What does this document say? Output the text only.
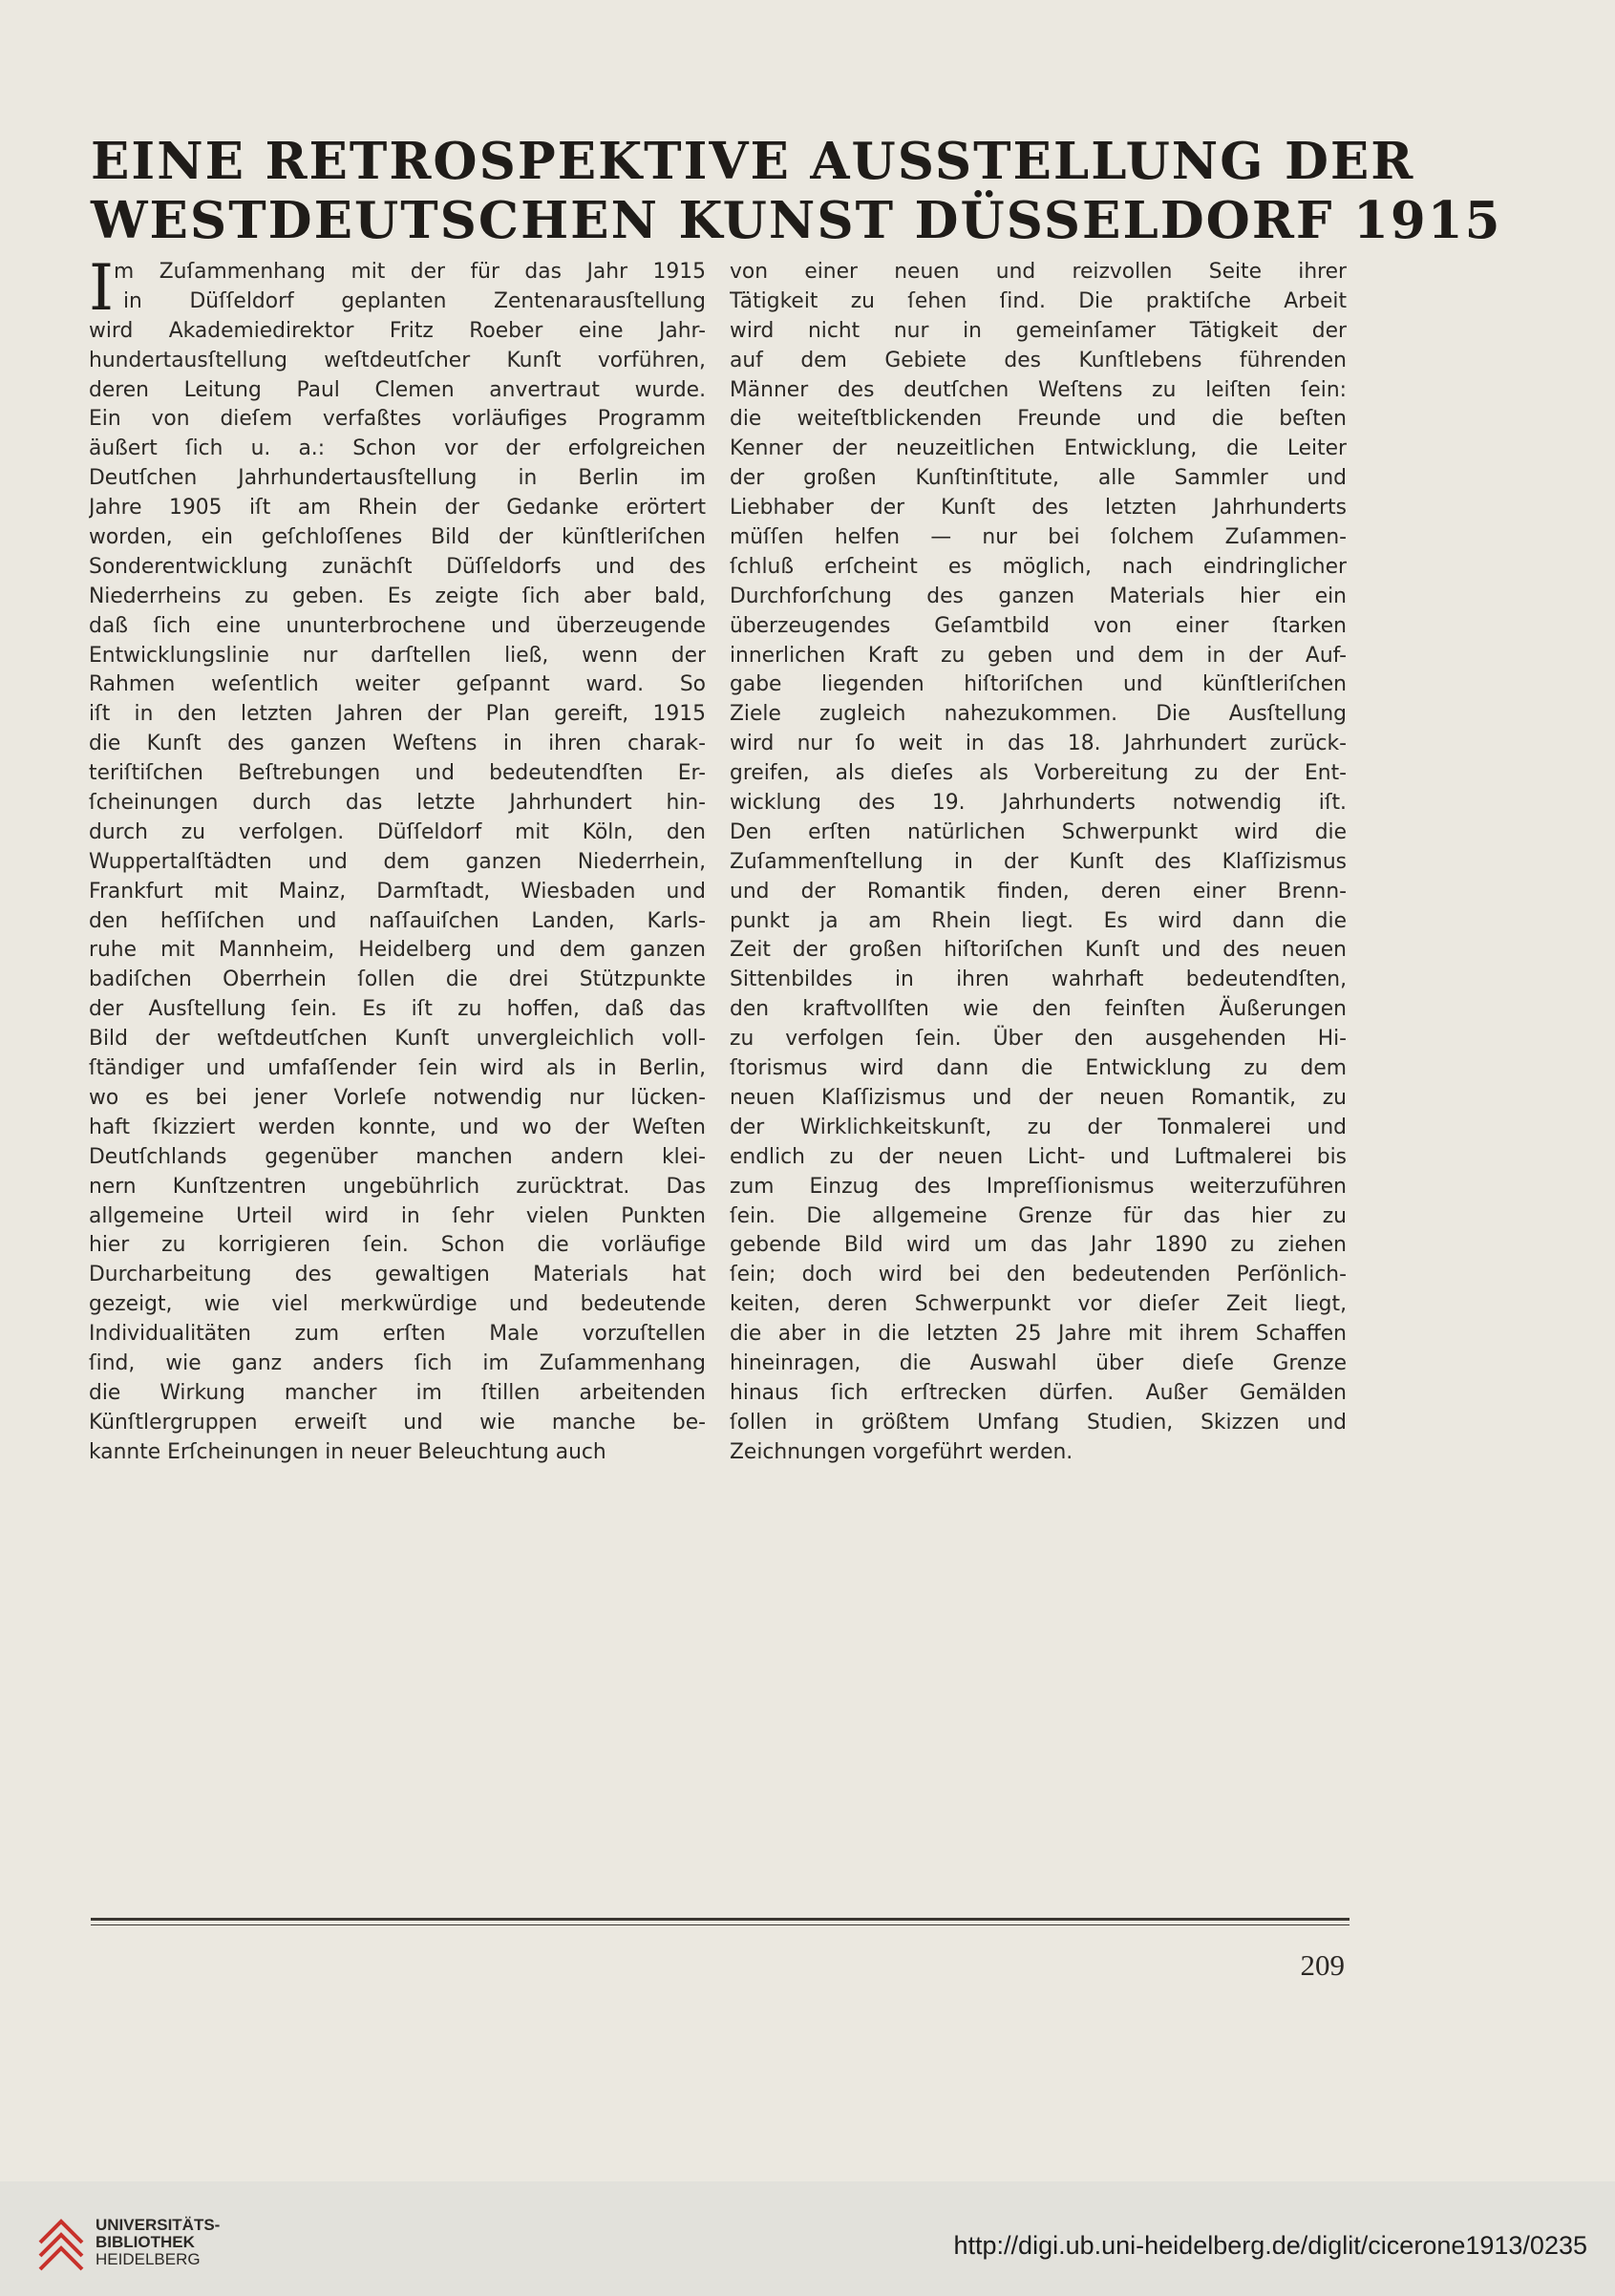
EINE RETROSPEKTIVE AUSSTELLUNG DER
WESTDEUTSCHEN KUNST DÜSSELDORF 1915
I m Zuſammenhang mit der für das Jahr 1915
in Düſſeldorf geplanten Zentenarausſtellung
wird Akademiedirektor Fritz Roeber eine Jahr-
hundertausſtellung weſtdeutſcher Kunſt vorführen,
deren Leitung Paul Clemen anvertraut wurde.
Ein von dieſem verfaßtes vorläufiges Programm
äußert ſich u. a.: Schon vor der erfolgreichen
Deutſchen Jahrhundertausſtellung in Berlin im
Jahre 1905 iſt am Rhein der Gedanke erörtert
worden, ein geſchloſſenes Bild der künſtleriſchen
Sonderentwicklung zunächſt Düſſeldorfs und des
Niederrheins zu geben. Es zeigte ſich aber bald,
daß ſich eine ununterbrochene und überzeugende
Entwicklungslinie nur darſtellen ließ, wenn der
Rahmen weſentlich weiter geſpannt ward. So
iſt in den letzten Jahren der Plan gereift, 1915
die Kunſt des ganzen Weſtens in ihren charak-
teriſtiſchen Beſtrebungen und bedeutendſten Er-
ſcheinungen durch das letzte Jahrhundert hin-
durch zu verfolgen. Düſſeldorf mit Köln, den
Wuppertalſtädten und dem ganzen Niederrhein,
Frankfurt mit Mainz, Darmſtadt, Wiesbaden und
den heſſiſchen und naſſauiſchen Landen, Karls-
ruhe mit Mannheim, Heidelberg und dem ganzen
badiſchen Oberrhein ſollen die drei Stützpunkte
der Ausſtellung ſein. Es iſt zu hoffen, daß das
Bild der weſtdeutſchen Kunſt unvergleichlich voll-
ſtändiger und umfaſſender ſein wird als in Berlin,
wo es bei jener Vorleſe notwendig nur lücken-
haft ſkizziert werden konnte, und wo der Weſten
Deutſchlands gegenüber manchen andern klei-
nern Kunſtzentren ungebührlich zurücktrat. Das
allgemeine Urteil wird in ſehr vielen Punkten
hier zu korrigieren ſein. Schon die vorläufige
Durcharbeitung des gewaltigen Materials hat
gezeigt, wie viel merkwürdige und bedeutende
Individualitäten zum erſten Male vorzuſtellen
ſind, wie ganz anders ſich im Zuſammenhang
die Wirkung mancher im ſtillen arbeitenden
Künſtlergruppen erweiſt und wie manche be-
kannte Erſcheinungen in neuer Beleuchtung auch
von einer neuen und reizvollen Seite ihrer
Tätigkeit zu ſehen ſind. Die praktiſche Arbeit
wird nicht nur in gemeinſamer Tätigkeit der
auf dem Gebiete des Kunſtlebens führenden
Männer des deutſchen Weſtens zu leiſten ſein:
die weiteſtblickenden Freunde und die beſten
Kenner der neuzeitlichen Entwicklung, die Leiter
der großen Kunſtinſtitute, alle Sammler und
Liebhaber der Kunſt des letzten Jahrhunderts
müſſen helfen — nur bei ſolchem Zuſammen-
ſchluß erſcheint es möglich, nach eindringlicher
Durchforſchung des ganzen Materials hier ein
überzeugendes Geſamtbild von einer ſtarken
innerlichen Kraft zu geben und dem in der Auf-
gabe liegenden hiſtoriſchen und künſtleriſchen
Ziele zugleich nahezukommen. Die Ausſtellung
wird nur ſo weit in das 18. Jahrhundert zurück-
greifen, als dieſes als Vorbereitung zu der Ent-
wicklung des 19. Jahrhunderts notwendig iſt.
Den erſten natürlichen Schwerpunkt wird die
Zuſammenſtellung in der Kunſt des Klaſſizismus
und der Romantik finden, deren einer Brenn-
punkt ja am Rhein liegt. Es wird dann die
Zeit der großen hiſtoriſchen Kunſt und des neuen
Sittenbildes in ihren wahrhaft bedeutendſten,
den kraftvollſten wie den feinſten Äußerungen
zu verfolgen ſein. Über den ausgehenden Hi-
ſtorismus wird dann die Entwicklung zu dem
neuen Klaſſizismus und der neuen Romantik, zu
der Wirklichkeitskunſt, zu der Tonmalerei und
endlich zu der neuen Licht- und Luftmalerei bis
zum Einzug des Impreſſionismus weiterzuführen
ſein. Die allgemeine Grenze für das hier zu
gebende Bild wird um das Jahr 1890 zu ziehen
ſein; doch wird bei den bedeutenden Perſönlich-
keiten, deren Schwerpunkt vor dieſer Zeit liegt,
die aber in die letzten 25 Jahre mit ihrem Schaffen
hineinragen, die Auswahl über dieſe Grenze
hinaus ſich erſtrecken dürfen. Außer Gemälden
ſollen in größtem Umfang Studien, Skizzen und
Zeichnungen vorgeführt werden.
209
UNIVERSITÄTS-
BIBLIOTHEK
HEIDELBERG	http://digi.ub.uni-heidelberg.de/diglit/cicerone1913/0235
